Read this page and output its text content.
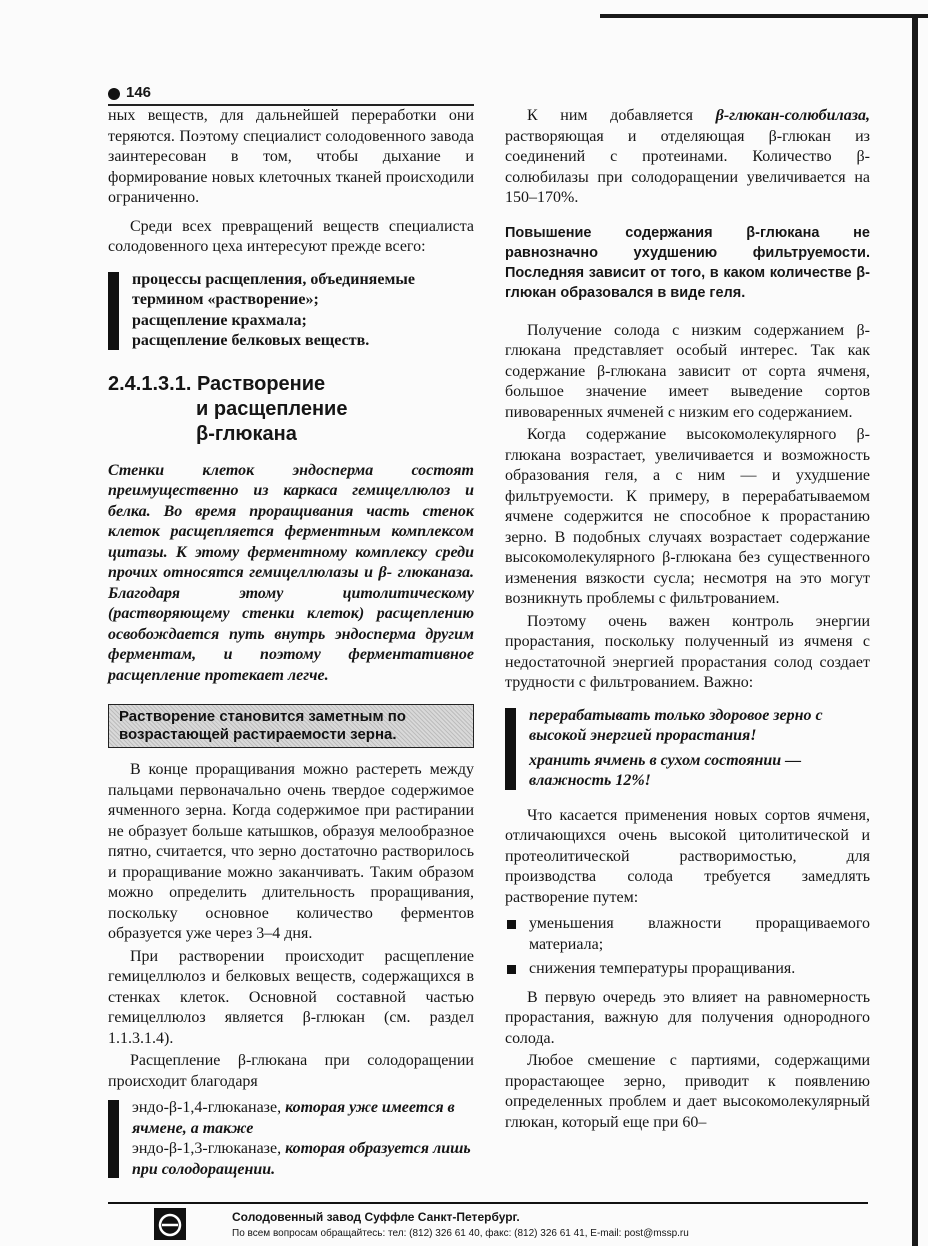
146

ных веществ, для дальнейшей переработки они теряются. Поэтому специалист солодовенного завода заинтересован в том, чтобы дыхание и формирование новых клеточных тканей происходили ограниченно.

Среди всех превращений веществ специалиста солодовенного цеха интересуют прежде всего:

процессы расщепления, объединяемые термином «растворение»;
расщепление крахмала;
расщепление белковых веществ.
2.4.1.3.1. Растворение
и расщепление
β-глюкана

Стенки клеток эндосперма состоят преимущественно из каркаса гемицеллюлоз и белка. Во время проращивания часть стенок клеток расщепляется ферментным комплексом цитазы. К этому ферментному комплексу среди прочих относятся гемицеллюлазы и β- глюканаза. Благодаря этому цитолитическому (растворяющему стенки клеток) расщеплению освобождается путь внутрь эндосперма другим ферментам, и поэтому ферментативное расщепление протекает легче.

Растворение становится заметным по возрастающей растираемости зерна.

В конце проращивания можно растереть между пальцами первоначально очень твердое содержимое ячменного зерна. Когда содержимое при растирании не образует больше катышков, образуя мелообразное пятно, считается, что зерно достаточно растворилось и проращивание можно заканчивать. Таким образом можно определить длительность проращивания, поскольку основное количество ферментов образуется уже через 3–4 дня.

При растворении происходит расщепление гемицеллюлоз и белковых веществ, содержащихся в стенках клеток. Основной составной частью гемицеллюлоз является β-глюкан (см. раздел 1.1.3.1.4).

Расщепление β-глюкана при солодоращении происходит благодаря

эндо-β-1,4-глюканазе, которая уже имеется в ячмене, а также
эндо-β-1,3-глюканазе, которая образуется лишь при солодоращении.

К ним добавляется β-глюкан-солюбилаза, растворяющая и отделяющая β-глюкан из соединений с протеинами. Количество β-солюбилазы при солодоращении увеличивается на 150–170%.

Повышение содержания β-глюкана не равнозначно ухудшению фильтруемости. Последняя зависит от того, в каком количестве β-глюкан образовался в виде геля.

Получение солода с низким содержанием β-глюкана представляет особый интерес. Так как содержание β-глюкана зависит от сорта ячменя, большое значение имеет выведение сортов пивоваренных ячменей с низким его содержанием.

Когда содержание высокомолекулярного β-глюкана возрастает, увеличивается и возможность образования геля, а с ним — и ухудшение фильтруемости. К примеру, в перерабатываемом ячмене содержится не способное к прорастанию зерно. В подобных случаях возрастает содержание высокомолекулярного β-глюкана без существенного изменения вязкости сусла; несмотря на это могут возникнуть проблемы с фильтрованием.

Поэтому очень важен контроль энергии прорастания, поскольку полученный из ячменя с недостаточной энергией прорастания солод создает трудности с фильтрованием. Важно:

перерабатывать только здоровое зерно с высокой энергией прорастания!
хранить ячмень в сухом состоянии — влажность 12%!

Что касается применения новых сортов ячменя, отличающихся очень высокой цитолитической и протеолитической растворимостью, для производства солода требуется замедлять растворение путем:

уменьшения влажности проращиваемого материала;
снижения температуры проращивания.

В первую очередь это влияет на равномерность прорастания, важную для получения однородного солода.

Любое смешение с партиями, содержащими прорастающее зерно, приводит к появлению определенных проблем и дает высокомолекулярный глюкан, который еще при 60–

Солодовенный завод Суффле Санкт-Петербург.
По всем вопросам обращайтесь: тел: (812) 326 61 40, факс: (812) 326 61 41, E-mail: post@mssp.ru
